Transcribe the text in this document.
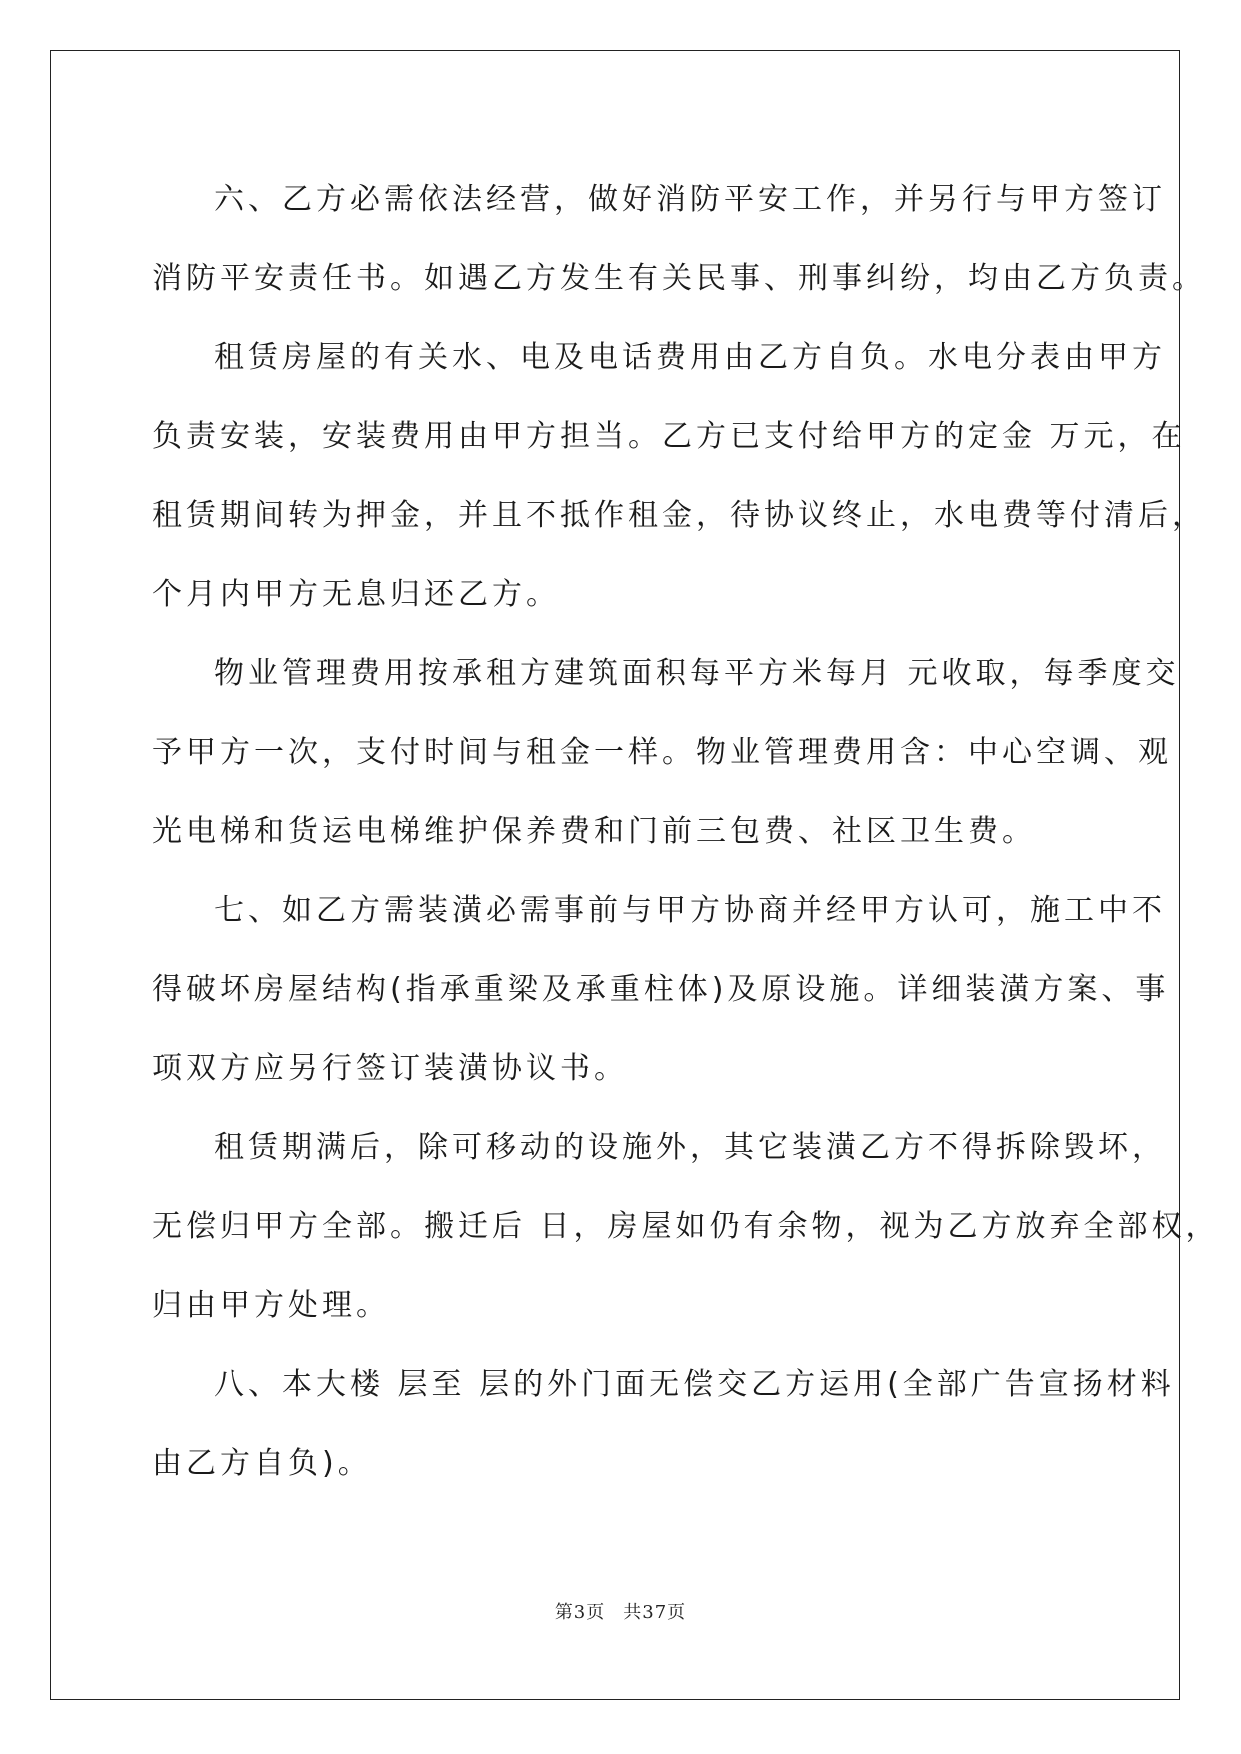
六、乙方必需依法经营，做好消防平安工作，并另行与甲方签订
消防平安责任书。如遇乙方发生有关民事、刑事纠纷，均由乙方负责。

租赁房屋的有关水、电及电话费用由乙方自负。水电分表由甲方
负责安装，安装费用由甲方担当。乙方已支付给甲方的定金 万元，在
租赁期间转为押金，并且不抵作租金，待协议终止，水电费等付清后，
个月内甲方无息归还乙方。

物业管理费用按承租方建筑面积每平方米每月 元收取，每季度交
予甲方一次，支付时间与租金一样。物业管理费用含：中心空调、观
光电梯和货运电梯维护保养费和门前三包费、社区卫生费。

七、如乙方需装潢必需事前与甲方协商并经甲方认可，施工中不
得破坏房屋结构(指承重梁及承重柱体)及原设施。详细装潢方案、事
项双方应另行签订装潢协议书。

租赁期满后，除可移动的设施外，其它装潢乙方不得拆除毁坏，
无偿归甲方全部。搬迁后 日，房屋如仍有余物，视为乙方放弃全部权，
归由甲方处理。

八、本大楼 层至 层的外门面无偿交乙方运用(全部广告宣扬材料
由乙方自负)。

第3页 共37页
